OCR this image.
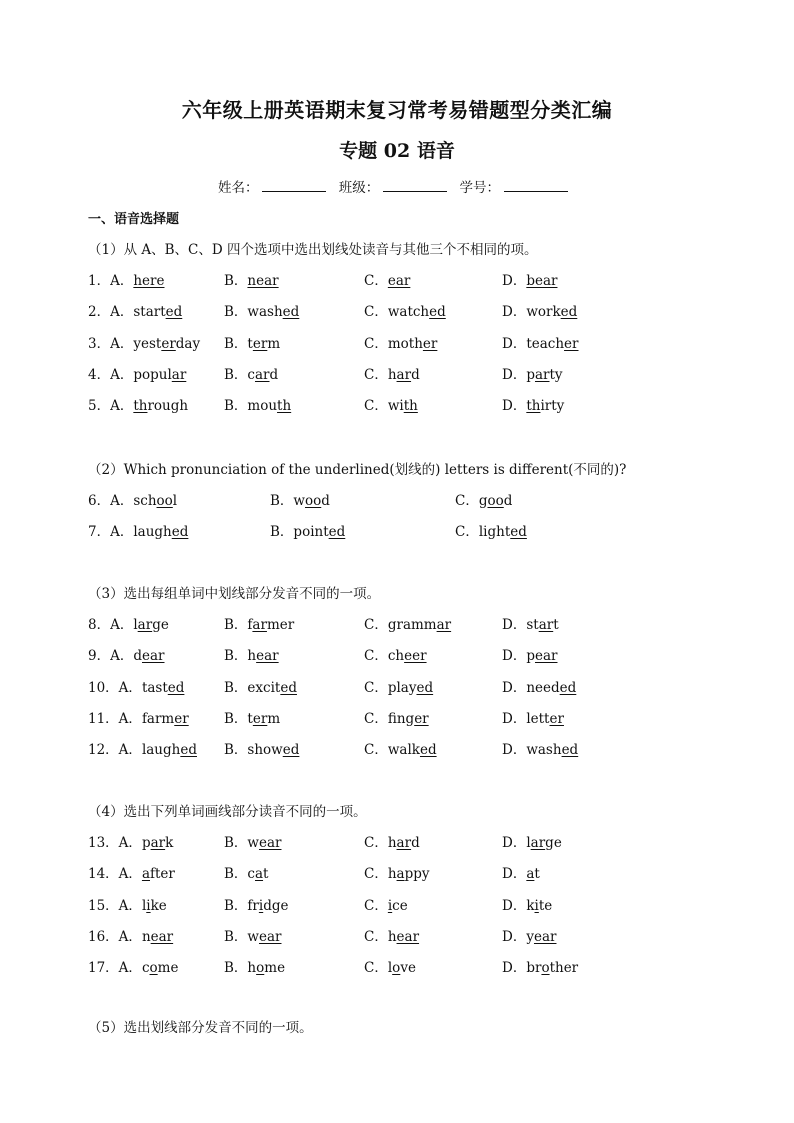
六年级上册英语期末复习常考易错题型分类汇编
专题 02 语音
姓名：	班级：	学号：
一、语音选择题
（1）从 A、B、C、D 四个选项中选出划线处读音与其他三个不相同的项。
1．A．here	B．near	C．ear	D．bear
2．A．started	B．washed	C．watched	D．worked
3．A．yesterday B．term	C．mother	D．teacher
4．A．popular	B．card	C．hard	D．party
5．A．through	B．mouth	C．with	D．thirty
（2）Which pronunciation of the underlined(划线的) letters is different(不同的)?
6．A．school	B．wood	C．good
7．A．laughed	B．pointed	C．lighted
（3）选出每组单词中划线部分发音不同的一项。
8．A．large	B．farmer	C．grammar	D．start
9．A．dear	B．hear	C．cheer	D．pear
10．A．tasted	B．excited	C．played	D．needed
11．A．farmer	B．term	C．finger	D．letter
12．A．laughed B．showed	C．walked	D．washed
（4）选出下列单词画线部分读音不同的一项。
13．A．park	B．wear	C．hard	D．large
14．A．after	B．cat	C．happy	D．at
15．A．like	B．fridge	C．ice	D．kite
16．A．near	B．wear	C．hear	D．year
17．A．come	B．home	C．love	D．brother
（5）选出划线部分发音不同的一项。
